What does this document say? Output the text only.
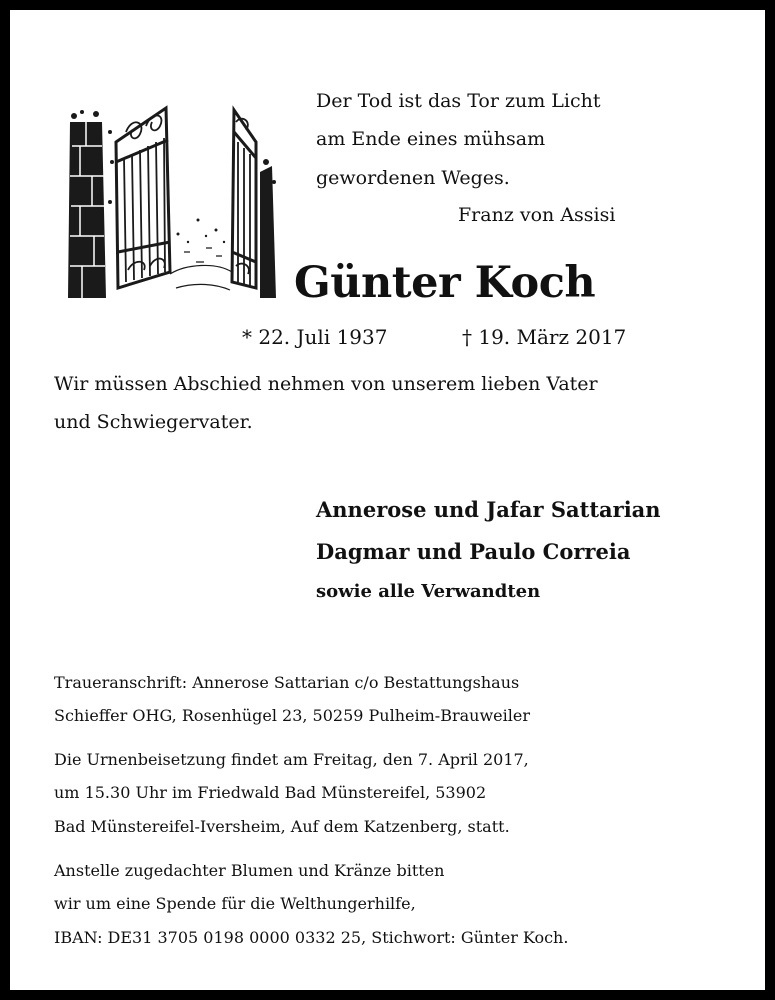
Der Tod ist das Tor zum Licht

am Ende eines mühsam

gewordenen Weges.

Franz von Assisi

Günter Koch

* 22. Juli 1937	† 19. März 2017

Wir müssen Abschied nehmen von unserem lieben Vater

und Schwiegervater.

Annerose und Jafar Sattarian

Dagmar und Paulo Correia

sowie alle Verwandten

Traueranschrift: Annerose Sattarian c/o Bestattungshaus

Schieffer OHG, Rosenhügel 23, 50259 Pulheim-Brauweiler

Die Urnenbeisetzung findet am Freitag, den 7. April 2017,

um 15.30 Uhr im Friedwald Bad Münstereifel, 53902

Bad Münstereifel-Iversheim, Auf dem Katzenberg, statt.

Anstelle zugedachter Blumen und Kränze bitten

wir um eine Spende für die Welthungerhilfe,

IBAN: DE31 3705 0198 0000 0332 25, Stichwort: Günter Koch.
